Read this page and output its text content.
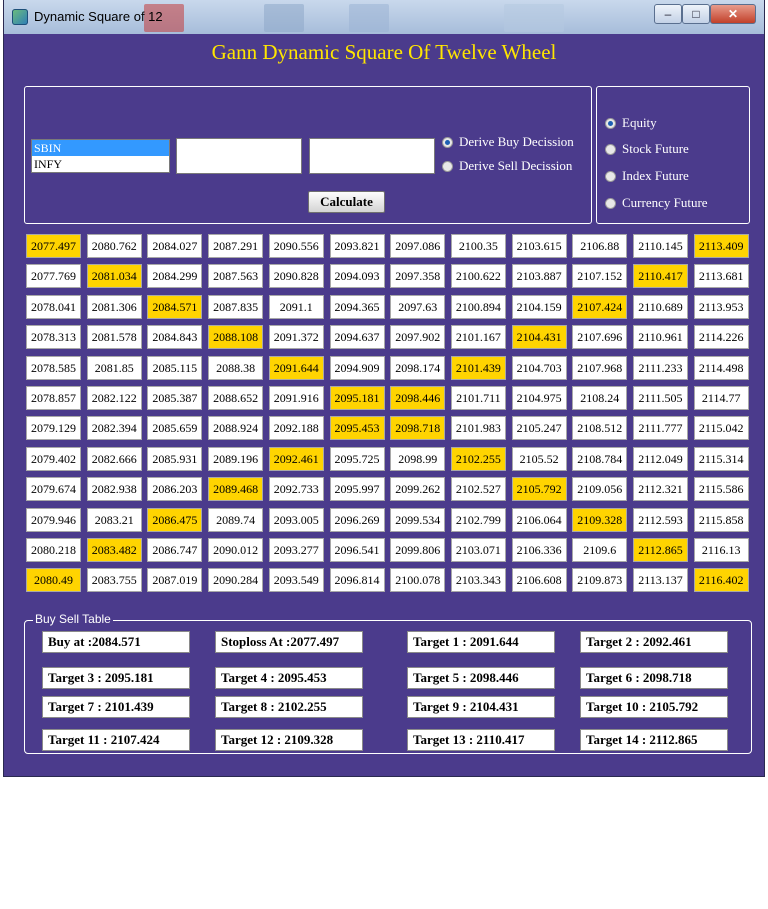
Dynamic Square of 12	–	□	✕
Gann Dynamic Square Of Twelve Wheel
SBIN
INFY
Derive Buy Decission
Derive Sell Decission
Calculate
Equity
Stock Future
Index Future
Currency Future
2077.497	2080.762	2084.027	2087.291	2090.556	2093.821	2097.086	2100.35	2103.615	2106.88	2110.145	2113.409
2077.769	2081.034	2084.299	2087.563	2090.828	2094.093	2097.358	2100.622	2103.887	2107.152	2110.417	2113.681
2078.041	2081.306	2084.571	2087.835	2091.1	2094.365	2097.63	2100.894	2104.159	2107.424	2110.689	2113.953
2078.313	2081.578	2084.843	2088.108	2091.372	2094.637	2097.902	2101.167	2104.431	2107.696	2110.961	2114.226
2078.585	2081.85	2085.115	2088.38	2091.644	2094.909	2098.174	2101.439	2104.703	2107.968	2111.233	2114.498
2078.857	2082.122	2085.387	2088.652	2091.916	2095.181	2098.446	2101.711	2104.975	2108.24	2111.505	2114.77
2079.129	2082.394	2085.659	2088.924	2092.188	2095.453	2098.718	2101.983	2105.247	2108.512	2111.777	2115.042
2079.402	2082.666	2085.931	2089.196	2092.461	2095.725	2098.99	2102.255	2105.52	2108.784	2112.049	2115.314
2079.674	2082.938	2086.203	2089.468	2092.733	2095.997	2099.262	2102.527	2105.792	2109.056	2112.321	2115.586
2079.946	2083.21	2086.475	2089.74	2093.005	2096.269	2099.534	2102.799	2106.064	2109.328	2112.593	2115.858
2080.218	2083.482	2086.747	2090.012	2093.277	2096.541	2099.806	2103.071	2106.336	2109.6	2112.865	2116.13
2080.49	2083.755	2087.019	2090.284	2093.549	2096.814	2100.078	2103.343	2106.608	2109.873	2113.137	2116.402
Buy Sell Table
Buy at :2084.571	Stoploss At :2077.497	Target 1 : 2091.644	Target 2 : 2092.461
Target 3 : 2095.181	Target 4 : 2095.453	Target 5 : 2098.446	Target 6 : 2098.718
Target 7 : 2101.439	Target 8 : 2102.255	Target 9 : 2104.431	Target 10 : 2105.792
Target 11 : 2107.424	Target 12 : 2109.328	Target 13 : 2110.417	Target 14 : 2112.865
